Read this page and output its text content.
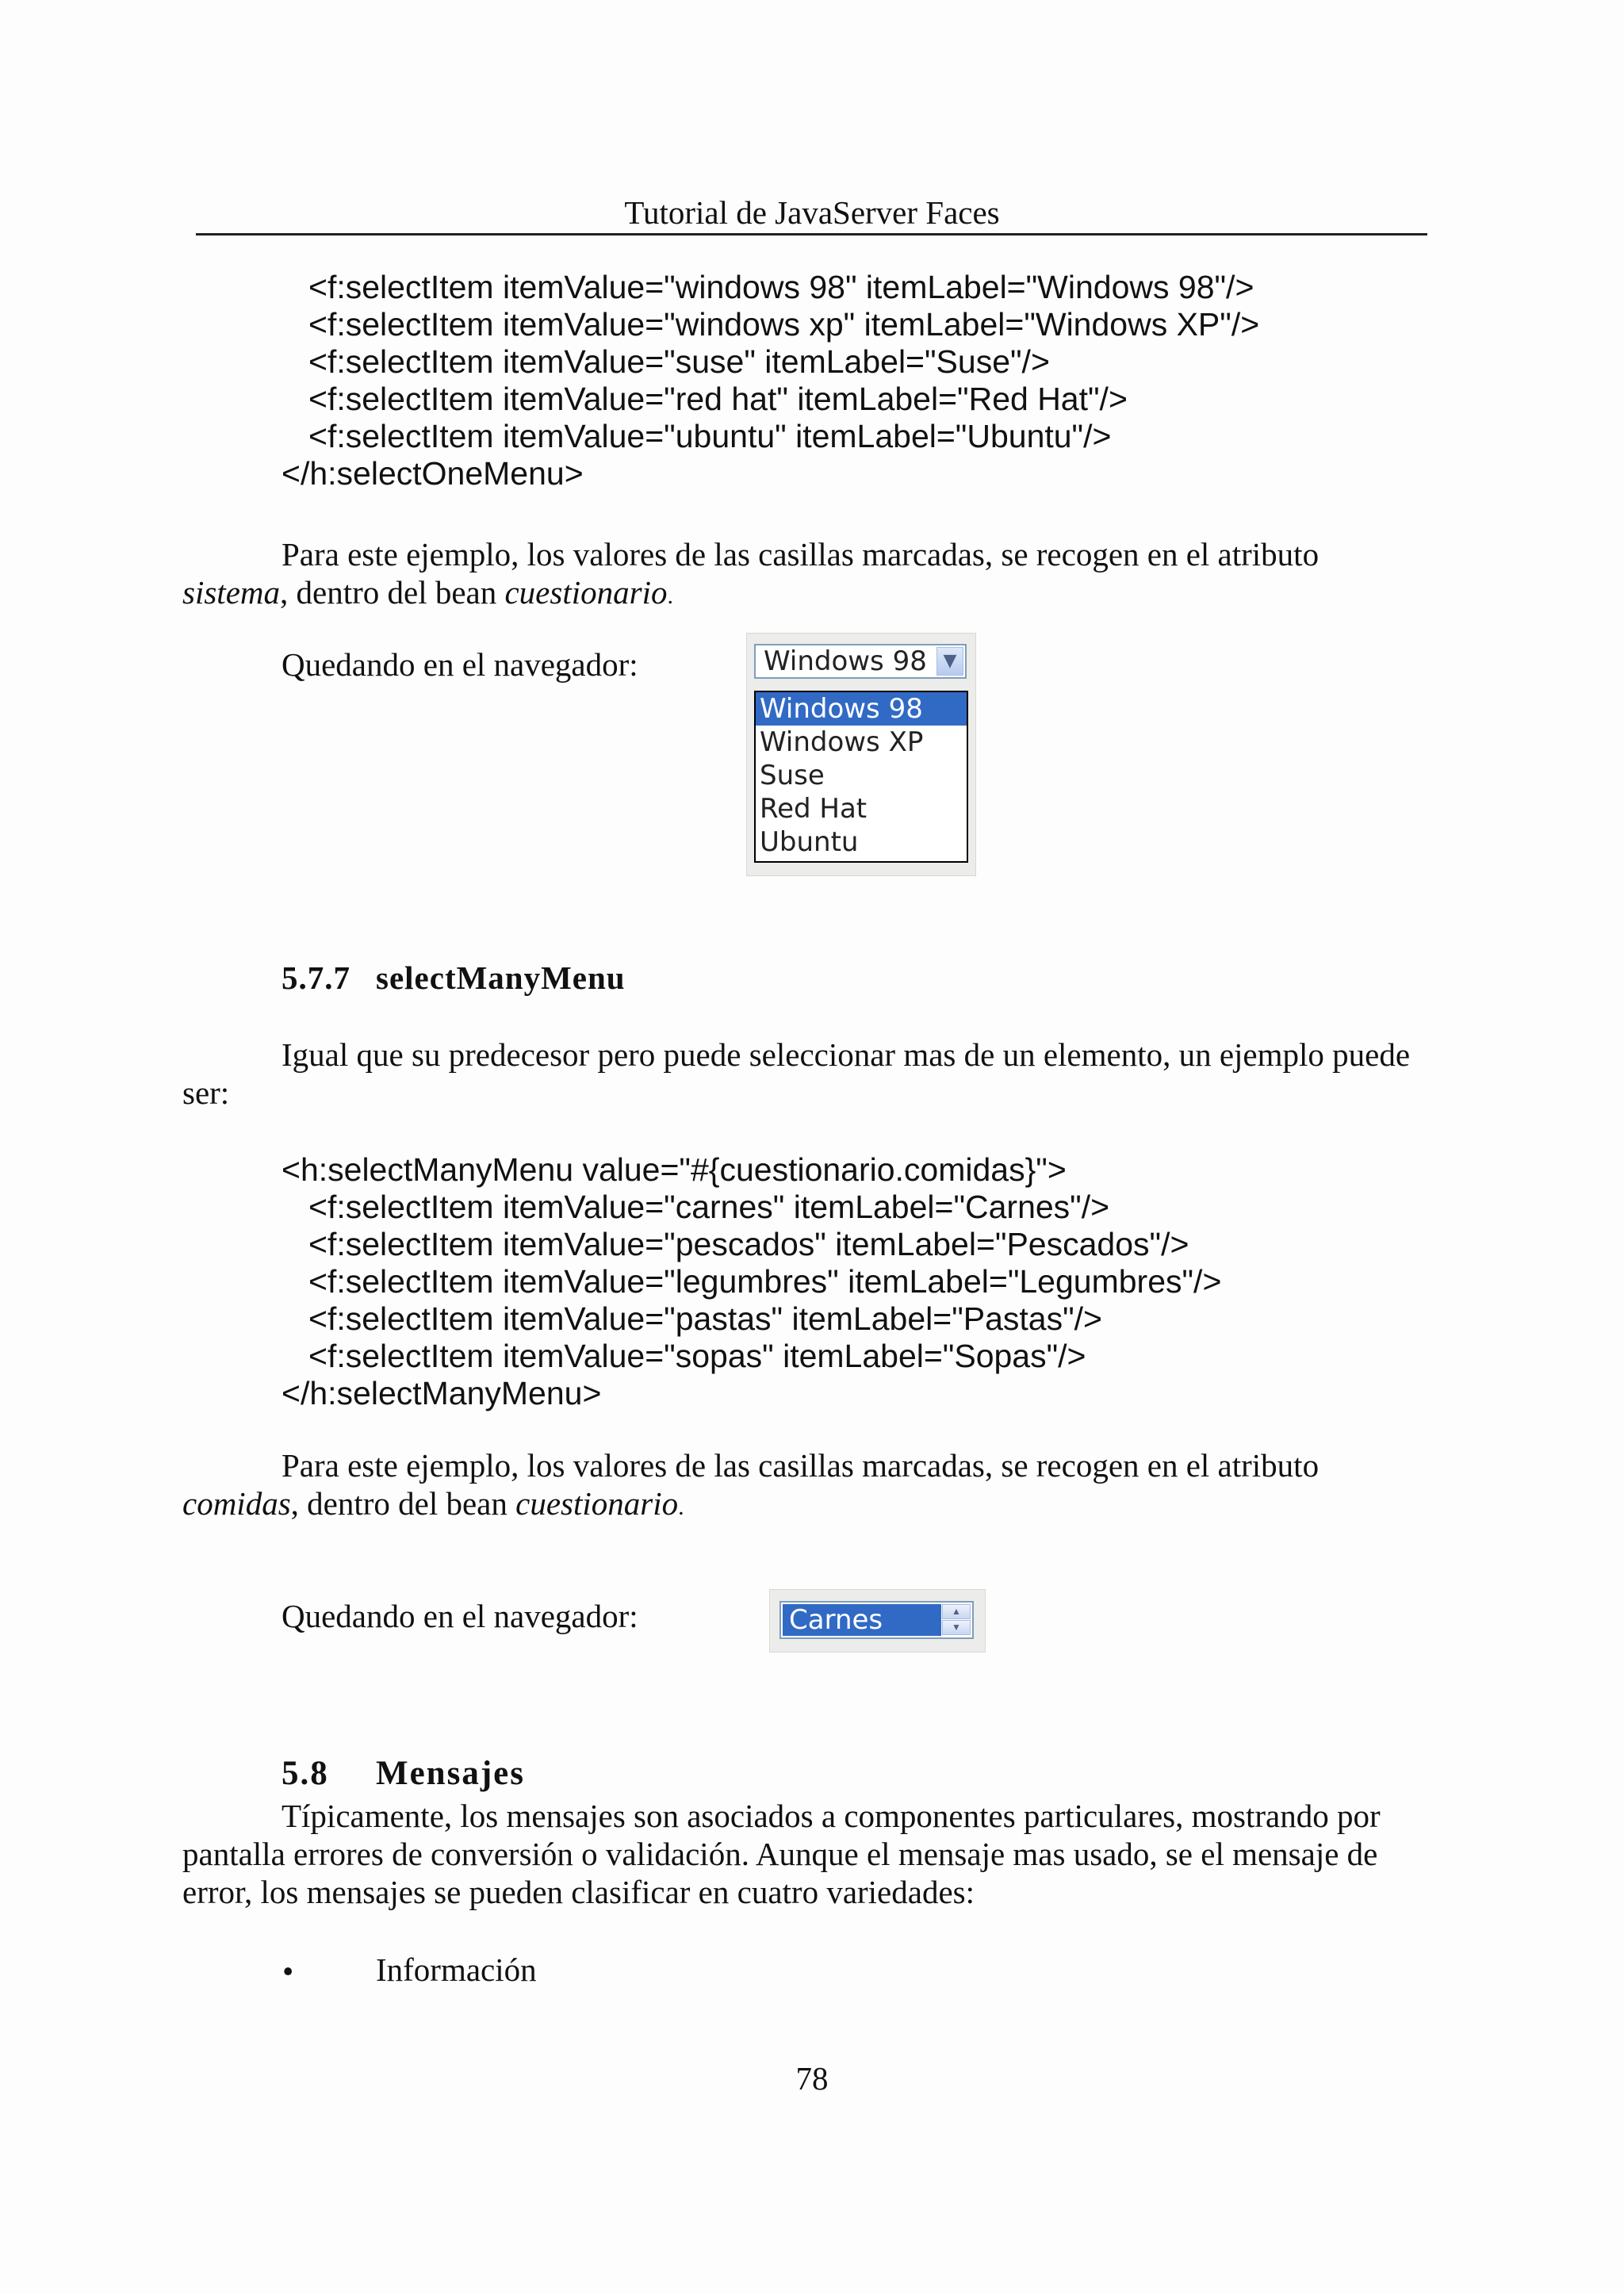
Tutorial de JavaServer Faces
<f:selectItem itemValue="windows 98" itemLabel="Windows 98"/>
<f:selectItem itemValue="windows xp" itemLabel="Windows XP"/>
<f:selectItem itemValue="suse" itemLabel="Suse"/>
<f:selectItem itemValue="red hat" itemLabel="Red Hat"/>
<f:selectItem itemValue="ubuntu" itemLabel="Ubuntu"/>
</h:selectOneMenu>
Para este ejemplo, los valores de las casillas marcadas, se recogen en el atributo
sistema, dentro del bean cuestionario.
Quedando en el navegador:	Windows 98 ▼
Windows 98
Windows XP
Suse
Red Hat
Ubuntu
5.7.7 selectManyMenu
Igual que su predecesor pero puede seleccionar mas de un elemento, un ejemplo puede
ser:
<h:selectManyMenu value="#{cuestionario.comidas}">
<f:selectItem itemValue="carnes" itemLabel="Carnes"/>
<f:selectItem itemValue="pescados" itemLabel="Pescados"/>
<f:selectItem itemValue="legumbres" itemLabel="Legumbres"/>
<f:selectItem itemValue="pastas" itemLabel="Pastas"/>
<f:selectItem itemValue="sopas" itemLabel="Sopas"/>
</h:selectManyMenu>
Para este ejemplo, los valores de las casillas marcadas, se recogen en el atributo
comidas, dentro del bean cuestionario.
Quedando en el navegador:	Carnes	▲
▼
5.8 Mensajes
Típicamente, los mensajes son asociados a componentes particulares, mostrando por
pantalla errores de conversión o validación. Aunque el mensaje mas usado, se el mensaje de
error, los mensajes se pueden clasificar en cuatro variedades:
•	Información
78
